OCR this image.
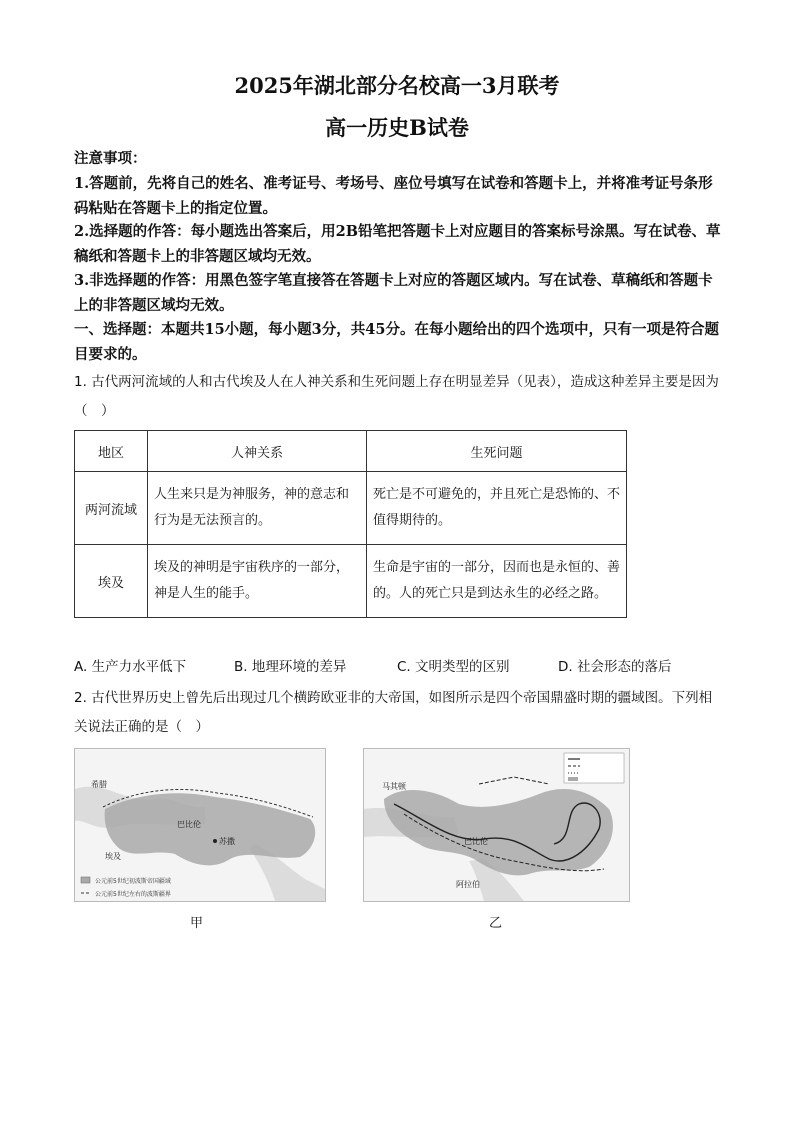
2025年湖北部分名校高一3月联考
高一历史B试卷
注意事项：
1.答题前，先将自己的姓名、准考证号、考场号、座位号填写在试卷和答题卡上，并将准考证号条形码粘贴在答题卡上的指定位置。
2.选择题的作答：每小题选出答案后，用2B铅笔把答题卡上对应题目的答案标号涂黑。写在试卷、草稿纸和答题卡上的非答题区域均无效。
3.非选择题的作答：用黑色签字笔直接答在答题卡上对应的答题区域内。写在试卷、草稿纸和答题卡上的非答题区域均无效。
一、选择题：本题共15小题，每小题3分，共45分。在每小题给出的四个选项中，只有一项是符合题目要求的。
1. 古代两河流域的人和古代埃及人在人神关系和生死问题上存在明显差异（见表），造成这种差异主要是因为（　）
地区	人神关系	生死问题
两河流域	人生来只是为神服务，神的意志和行为是无法预言的。	死亡是不可避免的，并且死亡是恐怖的、不值得期待的。
埃及	埃及的神明是宇宙秩序的一部分，神是人生的能手。	生命是宇宙的一部分，因而也是永恒的、善的。人的死亡只是到达永生的必经之路。
A. 生产力水平低下	B. 地理环境的差异	C. 文明类型的区别	D. 社会形态的落后
2. 古代世界历史上曾先后出现过几个横跨欧亚非的大帝国，如图所示是四个帝国鼎盛时期的疆域图。下列相关说法正确的是（　）
公元前5世纪初波斯帝国疆域
公元前5世纪左右的波斯疆界
希腊
巴比伦
苏撒
埃及
甲
马其顿
巴比伦
阿拉伯
乙
